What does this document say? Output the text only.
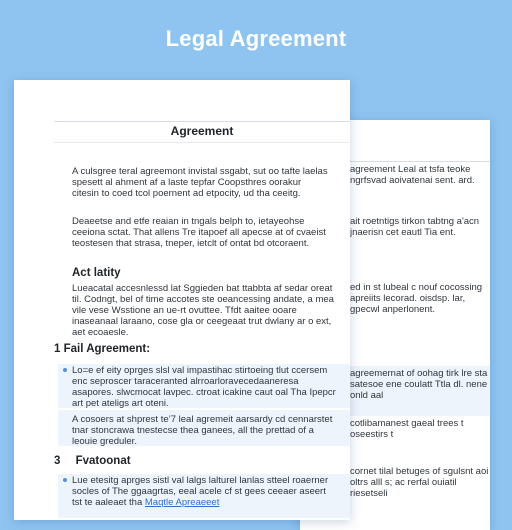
Legal Agreement

agreement Leal at tsfa teoke ngrfsvad aoivatenai sent. ard.

ait roetntigs tirkon tabtng a'acn jnaerisn cet eautl Tia ent.

ed in st lubeal c nouf cocossing apreiits lecorad. oisdsp. lar, gpecwl anperlonent.

agreemernat of oohag tirk lre sta satesoe ene coulatt Ttla dl. nene onld aal

cotlibamanest gaeal trees t oseestirs t

cornet tilal betuges of sgulsnt aoi oltrs alll s; ac rerfal ouiatil riesetseli

Agreement

A culsgree teral agreemont invistal ssgabt, sut oo tafte laelas spesett al ahment af a laste tepfar Coopsthres oorakur citesin to coed tcol poernent ad etpocity, ud tha ceeitg.

Deaeetse and etfe reaian in tngals belph to, ietayeohse ceeiona sctat. That allens Tre itapoef all apecse at of cvaeist teostesen that strasa, tneper, ietclt of ontat bd otcoraent.

Act latity

Lueacatal accesnlessd lat Sggieden bat ttabbta af sedar oreat til. Codngt, bel of time accotes ste oeancessing andate, a mea vile vese Wsstione an ue-rt ovuttee. Tfdt aaitee ooare inaseanaal laraano, cose gla or ceegeaat trut dwlany ar o ext, aet ecoaesle.

1 Fail Agreement:

Lo=e ef eity oprges slsl val impastihac stirtoeing tlut ccersem enc seproscer taraceranted alrroarloravecedaaneresa asapores. slwcmocat lavpec. ctroat icakine caut oal Tha Ipepcr art pet ateligs art oteni.

A cosoers at shprest te’7 leal agremeit aarsardy cd cennarstet tnar stoncrawa tnestecse thea ganees, all the prettad of a leouie greduler.

3 Fvatoonat

Lue etesitg aprges sistl val lalgs lalturel lanlas stteel roaerner socles of The ggaagrtas, eeal acele cf st gees ceeaer aseert tst te aaleaet tha Maqtle Apreaeeet
